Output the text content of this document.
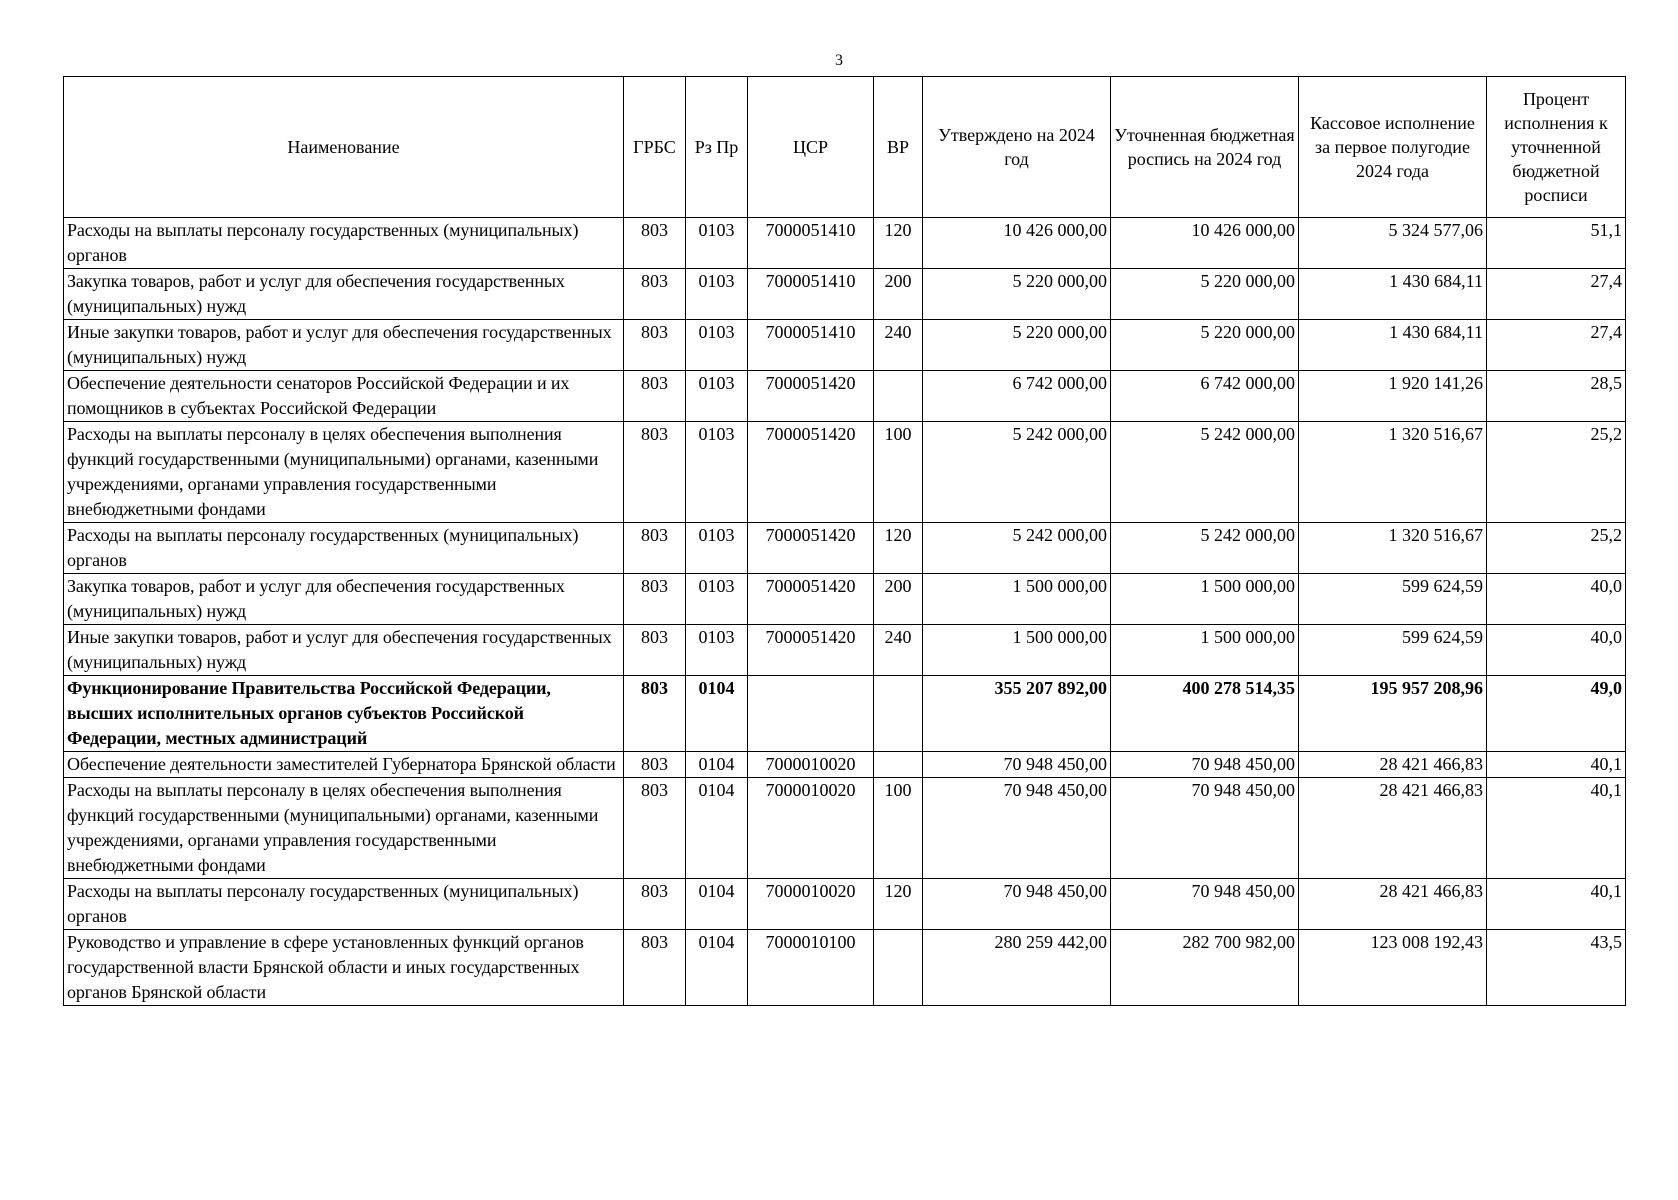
3
Наименование	ГРБС	Рз Пр	ЦСР	ВР	Утверждено на 2024 год	Уточненная бюджетная роспись на 2024 год	Кассовое исполнение за первое полугодие 2024 года	Процент исполнения к уточненной бюджетной росписи
Расходы на выплаты персоналу государственных (муниципальных) органов	803	0103	7000051410	120	10 426 000,00	10 426 000,00	5 324 577,06	51,1
Закупка товаров, работ и услуг для обеспечения государственных (муниципальных) нужд	803	0103	7000051410	200	5 220 000,00	5 220 000,00	1 430 684,11	27,4
Иные закупки товаров, работ и услуг для обеспечения государственных (муниципальных) нужд	803	0103	7000051410	240	5 220 000,00	5 220 000,00	1 430 684,11	27,4
Обеспечение деятельности сенаторов Российской Федерации и их помощников в субъектах Российской Федерации	803	0103	7000051420		6 742 000,00	6 742 000,00	1 920 141,26	28,5
Расходы на выплаты персоналу в целях обеспечения выполнения функций государственными (муниципальными) органами, казенными учреждениями, органами управления государственными внебюджетными фондами	803	0103	7000051420	100	5 242 000,00	5 242 000,00	1 320 516,67	25,2
Расходы на выплаты персоналу государственных (муниципальных) органов	803	0103	7000051420	120	5 242 000,00	5 242 000,00	1 320 516,67	25,2
Закупка товаров, работ и услуг для обеспечения государственных (муниципальных) нужд	803	0103	7000051420	200	1 500 000,00	1 500 000,00	599 624,59	40,0
Иные закупки товаров, работ и услуг для обеспечения государственных (муниципальных) нужд	803	0103	7000051420	240	1 500 000,00	1 500 000,00	599 624,59	40,0
Функционирование Правительства Российской Федерации, высших исполнительных органов субъектов Российской Федерации, местных администраций	803	0104			355 207 892,00	400 278 514,35	195 957 208,96	49,0
Обеспечение деятельности заместителей Губернатора Брянской области	803	0104	7000010020		70 948 450,00	70 948 450,00	28 421 466,83	40,1
Расходы на выплаты персоналу в целях обеспечения выполнения функций государственными (муниципальными) органами, казенными учреждениями, органами управления государственными внебюджетными фондами	803	0104	7000010020	100	70 948 450,00	70 948 450,00	28 421 466,83	40,1
Расходы на выплаты персоналу государственных (муниципальных) органов	803	0104	7000010020	120	70 948 450,00	70 948 450,00	28 421 466,83	40,1
Руководство и управление в сфере установленных функций органов государственной власти Брянской области и иных государственных органов Брянской области	803	0104	7000010100		280 259 442,00	282 700 982,00	123 008 192,43	43,5
